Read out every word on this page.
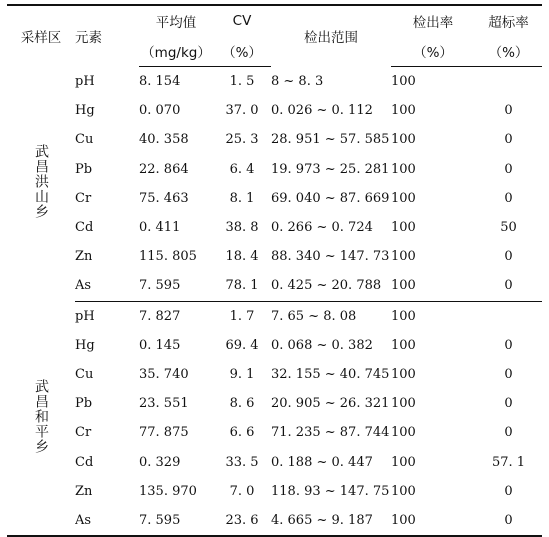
采样区	元素	平均值	CV	检出范围	检出率	超标率
		（mg/kg）	（%）		（%）	（%）
武昌洪山乡	pH	8. 154	1. 5	8 ~ 8. 3	100	
	Hg	0. 070	37. 0	0. 026 ~ 0. 112	100	0
	Cu	40. 358	25. 3	28. 951 ~ 57. 585	100	0
	Pb	22. 864	6. 4	19. 973 ~ 25. 281	100	0
	Cr	75. 463	8. 1	69. 040 ~ 87. 669	100	0
	Cd	0. 411	38. 8	0. 266 ~ 0. 724	100	50
	Zn	115. 805	18. 4	88. 340 ~ 147. 73	100	0
	As	7. 595	78. 1	0. 425 ~ 20. 788	100	0
武昌和平乡	pH	7. 827	1. 7	7. 65 ~ 8. 08	100	
	Hg	0. 145	69. 4	0. 068 ~ 0. 382	100	0
	Cu	35. 740	9. 1	32. 155 ~ 40. 745	100	0
	Pb	23. 551	8. 6	20. 905 ~ 26. 321	100	0
	Cr	77. 875	6. 6	71. 235 ~ 87. 744	100	0
	Cd	0. 329	33. 5	0. 188 ~ 0. 447	100	57. 1
	Zn	135. 970	7. 0	118. 93 ~ 147. 75	100	0
	As	7. 595	23. 6	4. 665 ~ 9. 187	100	0
